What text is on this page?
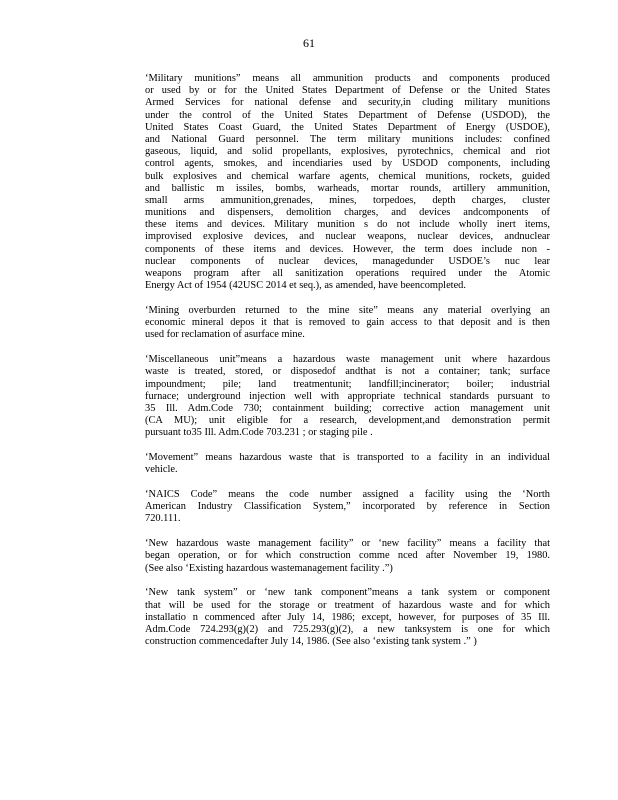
61
‘Military munitions” means all ammunition products and components produced
or used by or for the United States Department of Defense or the United States
Armed Services for national defense and security,in cluding military munitions
under the control of the United States Department of Defense (USDOD), the
United States Coast Guard, the United States Department of Energy (USDOE),
and National Guard personnel. The term military munitions includes: confined
gaseous, liquid, and solid propellants, explosives, pyrotechnics, chemical and riot
control agents, smokes, and incendiaries used by USDOD components, including
bulk explosives and chemical warfare agents, chemical munitions, rockets, guided
and ballistic m issiles, bombs, warheads, mortar rounds, artillery ammunition,
small arms ammunition,grenades, mines, torpedoes, depth charges, cluster
munitions and dispensers, demolition charges, and devices andcomponents of
these items and devices. Military munition s do not include wholly inert items,
improvised explosive devices, and nuclear weapons, nuclear devices, andnuclear
components of these items and devices. However, the term does include non -
nuclear components of nuclear devices, managedunder USDOE’s nuc lear
weapons program after all sanitization operations required under the Atomic
Energy Act of 1954 (42USC 2014 et seq.), as amended, have beencompleted.
‘Mining overburden returned to the mine site” means any material overlying an
economic mineral depos it that is removed to gain access to that deposit and is then
used for reclamation of asurface mine.
‘Miscellaneous unit”means a hazardous waste management unit where hazardous
waste is treated, stored, or disposedof andthat is not a container; tank; surface
impoundment; pile; land treatmentunit; landfill;incinerator; boiler; industrial
furnace; underground injection well with appropriate technical standards pursuant to
35 Ill. Adm.Code 730; containment building; corrective action management unit
(CA MU); unit eligible for a research, development,and demonstration permit
pursuant to35 Ill. Adm.Code 703.231 ; or staging pile .
‘Movement” means hazardous waste that is transported to a facility in an individual
vehicle.
‘NAICS Code” means the code number assigned a facility using the ‘North
American Industry Classification System,” incorporated by reference in Section
720.111.
‘New hazardous waste management facility” or ‘new facility” means a facility that
began operation, or for which construction comme nced after November 19, 1980.
(See also ‘Existing hazardous wastemanagement facility .”)
‘New tank system” or ‘new tank component”means a tank system or component
that will be used for the storage or treatment of hazardous waste and for which
installatio n commenced after July 14, 1986; except, however, for purposes of 35 Ill.
Adm.Code 724.293(g)(2) and 725.293(g)(2), a new tanksystem is one for which
construction commencedafter July 14, 1986. (See also ‘existing tank system .” )
